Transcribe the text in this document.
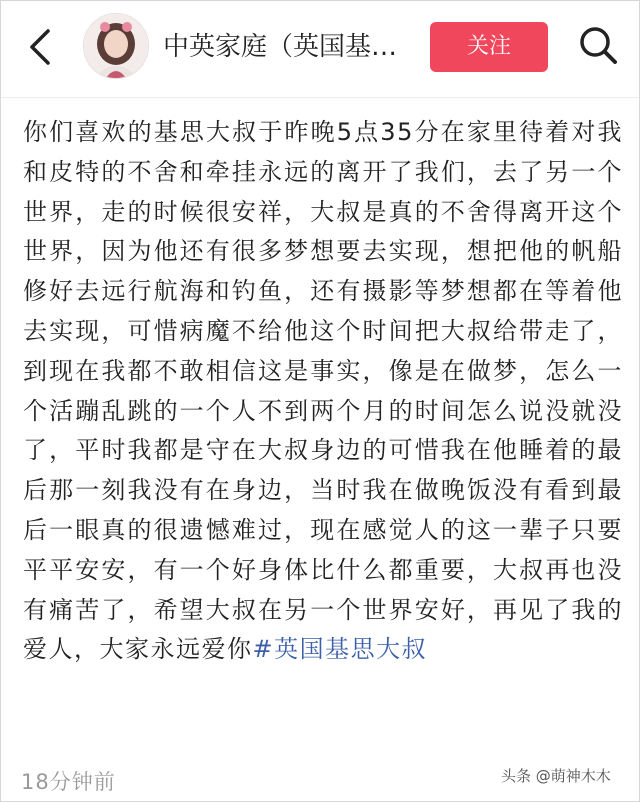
中英家庭（英国基…	关注

你们喜欢的基思大叔于昨晚5点35分在家里待着对我和皮特的不舍和牵挂永远的离开了我们，去了另一个世界，走的时候很安祥，大叔是真的不舍得离开这个世界，因为他还有很多梦想要去实现，想把他的帆船修好去远行航海和钓鱼，还有摄影等梦想都在等着他去实现，可惜病魔不给他这个时间把大叔给带走了，到现在我都不敢相信这是事实，像是在做梦，怎么一个活蹦乱跳的一个人不到两个月的时间怎么说没就没了，平时我都是守在大叔身边的可惜我在他睡着的最后那一刻我没有在身边，当时我在做晚饭没有看到最后一眼真的很遗憾难过，现在感觉人的这一辈子只要平平安安，有一个好身体比什么都重要，大叔再也没有痛苦了，希望大叔在另一个世界安好，再见了我的爱人，大家永远爱你#英国基思大叔

18分钟前	头条 @萌神木木
